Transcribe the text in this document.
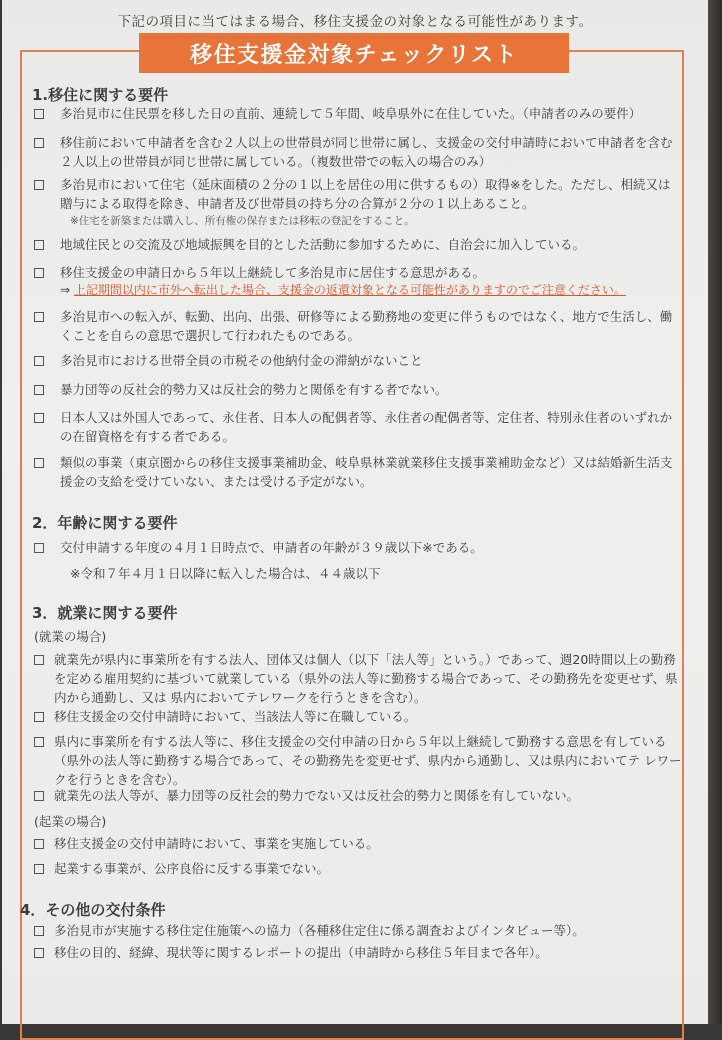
下記の項目に当てはまる場合、移住支援金の対象となる可能性があります。
移住支援金対象チェックリスト
1.移住に関する要件
多治見市に住民票を移した日の直前、連続して５年間、岐阜県外に在住していた。（申請者のみの要件）
移住前において申請者を含む２人以上の世帯員が同じ世帯に属し、支援金の交付申請時において申請者を含む２人以上の世帯員が同じ世帯に属している。（複数世帯での転入の場合のみ）
多治見市において住宅（延床面積の２分の１以上を居住の用に供するもの）取得※をした。ただし、相続又は贈与による取得を除き、申請者及び世帯員の持ち分の合算が２分の１以上あること。
※住宅を新築または購入し、所有権の保存または移転の登記をすること。
地域住民との交流及び地域振興を目的とした活動に参加するために、自治会に加入している。
移住支援金の申請日から５年以上継続して多治見市に居住する意思がある。
⇒ 上記期間以内に市外へ転出した場合、支援金の返還対象となる可能性がありますのでご注意ください。
多治見市への転入が、転勤、出向、出張、研修等による勤務地の変更に伴うものではなく、地方で生活し、働くことを自らの意思で選択して行われたものである。
多治見市における世帯全員の市税その他納付金の滞納がないこと
暴力団等の反社会的勢力又は反社会的勢力と関係を有する者でない。
日本人又は外国人であって、永住者、日本人の配偶者等、永住者の配偶者等、定住者、特別永住者のいずれかの在留資格を有する者である。
類似の事業（東京圏からの移住支援事業補助金、岐阜県林業就業移住支援事業補助金など）又は結婚新生活支援金の支給を受けていない、または受ける予定がない。
2．年齢に関する要件
交付申請する年度の４月１日時点で、申請者の年齢が３９歳以下※である。
※令和７年４月１日以降に転入した場合は、４４歳以下
3．就業に関する要件
(就業の場合)
就業先が県内に事業所を有する法人、団体又は個人（以下「法人等」という。）であって、週20時間以上の勤務を定める雇用契約に基づいて就業している（県外の法人等に勤務する場合であって、その勤務先を変更せず、県内から通勤し、又は 県内においてテレワークを行うときを含む）。
移住支援金の交付申請時において、当該法人等に在職している。
県内に事業所を有する法人等に、移住支援金の交付申請の日から５年以上継続して勤務する意思を有している（県外の法人等に勤務する場合であって、その勤務先を変更せず、県内から通勤し、又は県内においてテ レワークを行うときを含む）。
就業先の法人等が、暴力団等の反社会的勢力でない又は反社会的勢力と関係を有していない。
(起業の場合)
移住支援金の交付申請時において、事業を実施している。
起業する事業が、公序良俗に反する事業でない。
4．その他の交付条件
多治見市が実施する移住定住施策への協力（各種移住定住に係る調査およびインタビュー等）。
移住の目的、経緯、現状等に関するレポートの提出（申請時から移住５年目まで各年）。
